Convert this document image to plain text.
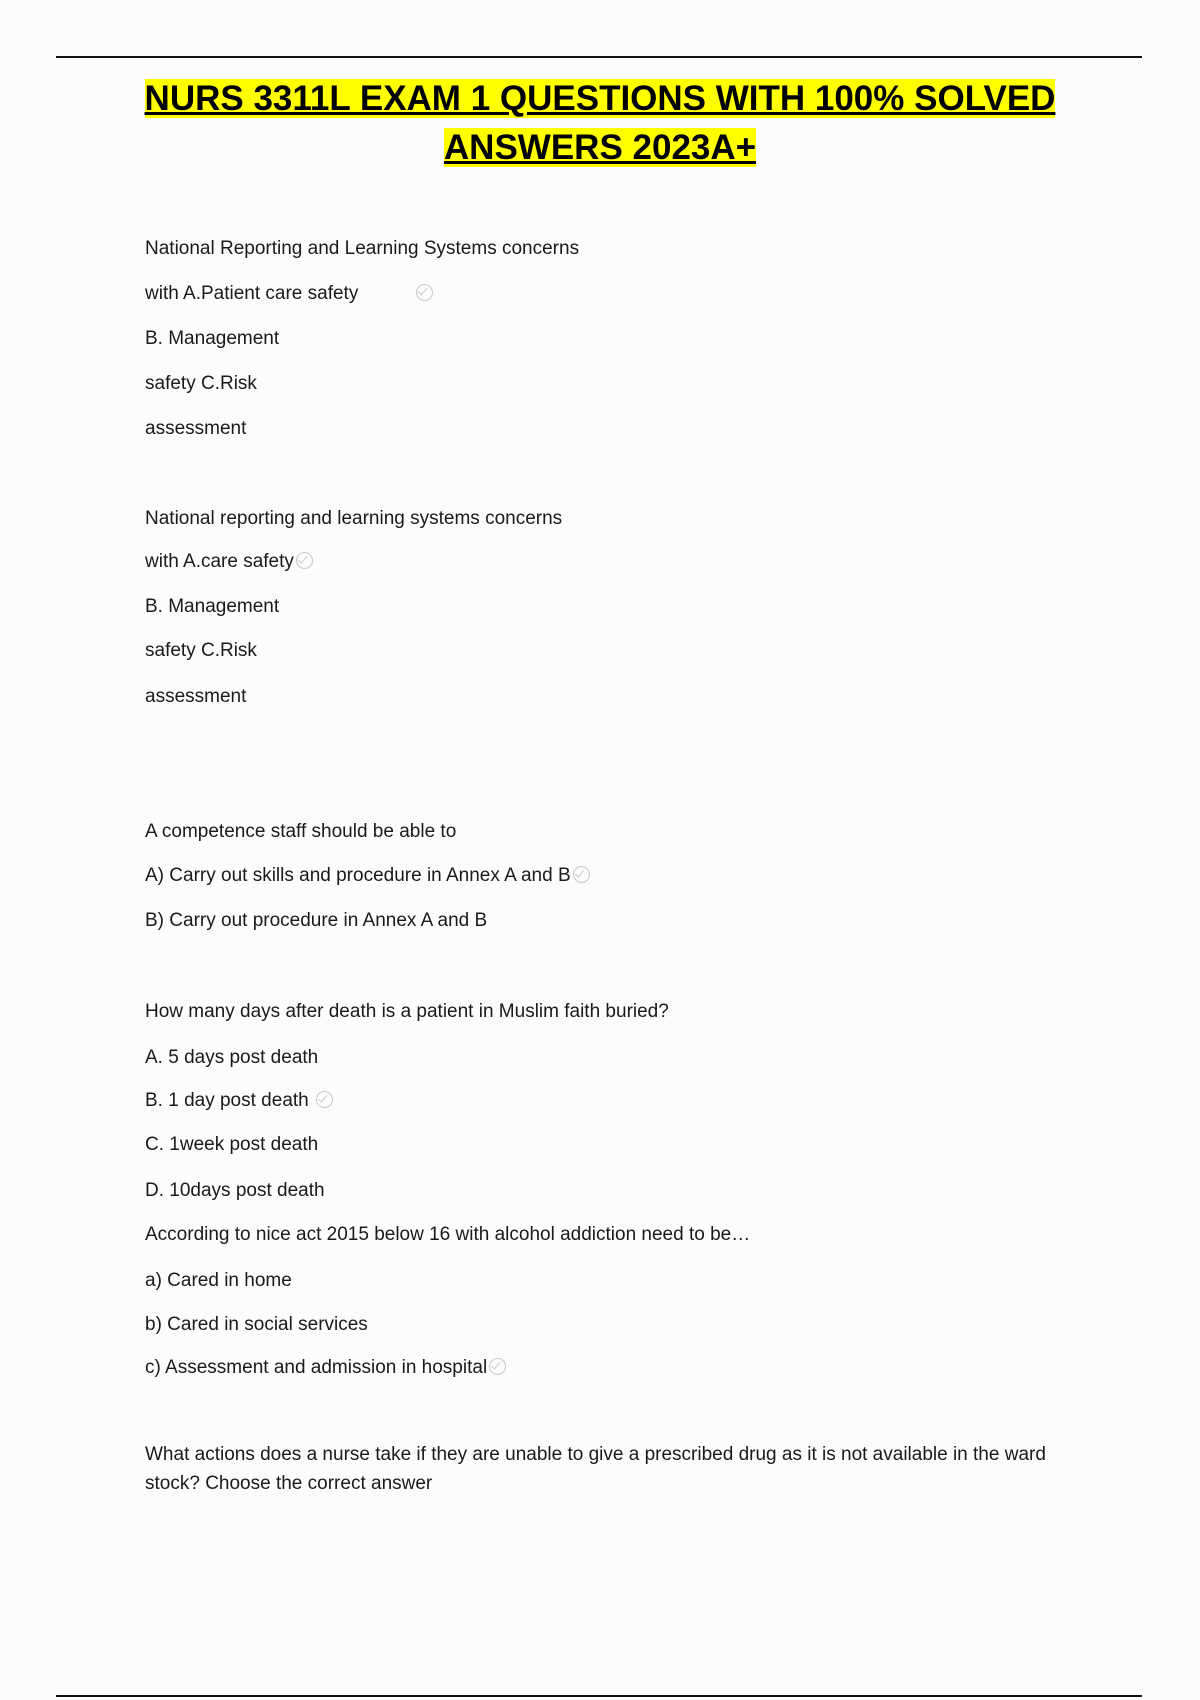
NURS 3311L EXAM 1 QUESTIONS WITH 100% SOLVED
ANSWERS 2023A+
National Reporting and Learning Systems concerns
with A.Patient care safety
B. Management
safety C.Risk
assessment
National reporting and learning systems concerns
with A.care safety
B. Management
safety C.Risk
assessment
A competence staff should be able to
A) Carry out skills and procedure in Annex A and B
B) Carry out procedure in Annex A and B
How many days after death is a patient in Muslim faith buried?
A. 5 days post death
B. 1 day post death
C. 1week post death
D. 10days post death
According to nice act 2015 below 16 with alcohol addiction need to be…
a) Cared in home
b) Cared in social services
c) Assessment and admission in hospital
What actions does a nurse take if they are unable to give a prescribed drug as it is not available in the ward stock? Choose the correct answer
